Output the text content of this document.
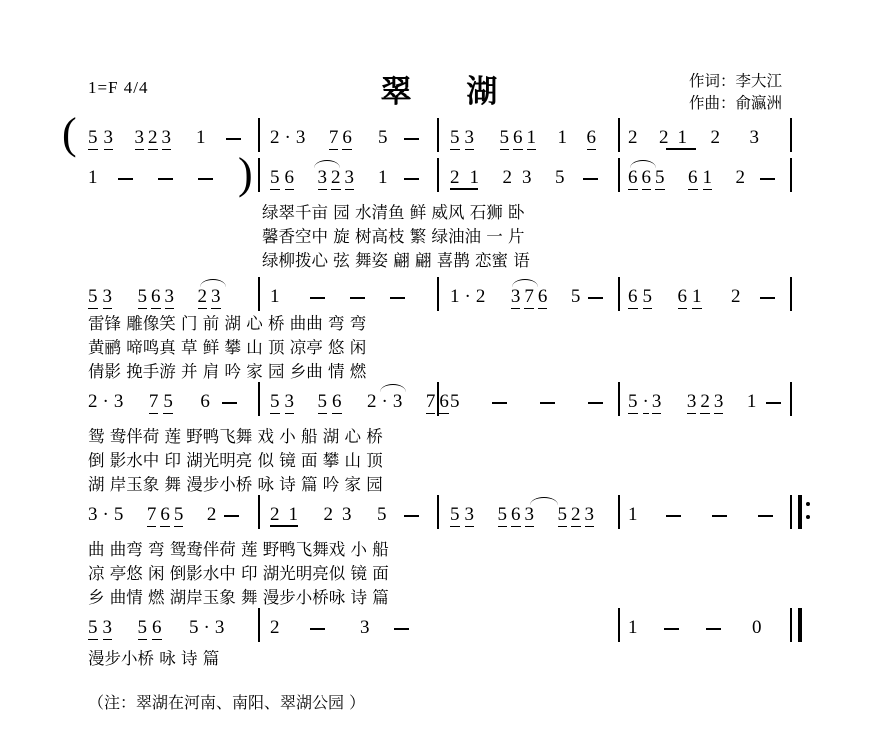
1=F 4/4	翠 湖	作词：李大江
作曲：俞瀛洲
( 5 3 3 2 3 1	2 · 3 7 6 5	5 3 5 6 1 1 6 2 2 1 2 3
1	) 5 6 3 2 3 1	2 1 2 3 5	6 6 5 6 1 2
绿翠千亩 园 水清鱼 鲜 威风 石狮 卧
馨香空中 旋 树高枝 繁 绿油油 一 片
绿柳拨心 弦 舞姿 翩 翩 喜鹊 恋蜜 语
5 3 5 6 3 2 3	1	1 · 2 3 7 6 5	6 5 6 1 2
雷锋 雕像笑 门 前 湖 心 桥 曲曲 弯 弯
黄鹂 啼鸣真 草 鲜 攀 山 顶 凉亭 悠 闲
倩影 挽手游 并 肩 吟 家 园 乡曲 情 燃
2 · 3 7 5 6	5 3 5 6 2 · 3 7 6 5	5 · 3 3 2 3 1
鸳 鸯伴荷 莲 野鸭飞舞 戏 小 船 湖 心 桥
倒 影水中 印 湖光明亮 似 镜 面 攀 山 顶
湖 岸玉象 舞 漫步小桥 咏 诗 篇 吟 家 园
3 · 5 7 6 5 2	2 1 2 3 5	5 3 5 6 3 5 2 3 1
曲 曲弯 弯 鸳鸯伴荷 莲 野鸭飞舞戏 小 船
凉 亭悠 闲 倒影水中 印 湖光明亮似 镜 面
乡 曲情 燃 湖岸玉象 舞 漫步小桥咏 诗 篇
5 3 5 6 5 · 3 2	3	1	0
漫步小桥 咏 诗 篇
（注：翠湖在河南、南阳、翠湖公园 ）
